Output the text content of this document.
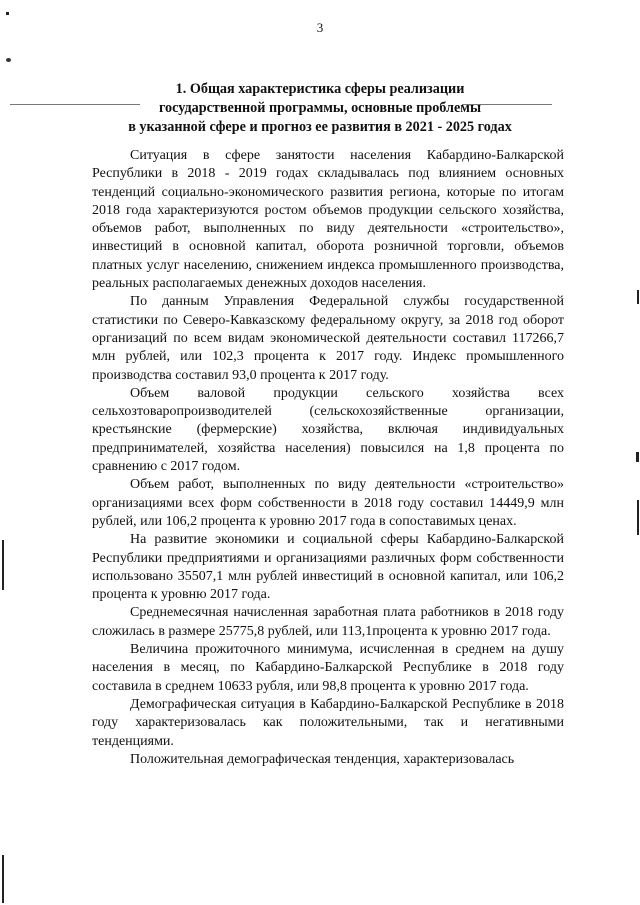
3
1. Общая характеристика сферы реализации
государственной программы, основные проблемы
в указанной сфере и прогноз ее развития в 2021 - 2025 годах

Ситуация в сфере занятости населения Кабардино-Балкарской Республики в 2018 - 2019 годах складывалась под влиянием основных тенденций социально-экономического развития региона, которые по итогам 2018 года характеризуются ростом объемов продукции сельского хозяйства, объемов работ, выполненных по виду деятельности «строительство», инвестиций в основной капитал, оборота розничной торговли, объемов платных услуг населению, снижением индекса промышленного производства, реальных располагаемых денежных доходов населения.

По данным Управления Федеральной службы государственной статистики по Северо-Кавказскому федеральному округу, за 2018 год оборот организаций по всем видам экономической деятельности составил 117266,7 млн рублей, или 102,3 процента к 2017 году. Индекс промышленного производства составил 93,0 процента к 2017 году.

Объем валовой продукции сельского хозяйства всех сельхозтоваропроизводителей (сельскохозяйственные организации, крестьянские (фермерские) хозяйства, включая индивидуальных предпринимателей, хозяйства населения) повысился на 1,8 процента по сравнению с 2017 годом.

Объем работ, выполненных по виду деятельности «строительство» организациями всех форм собственности в 2018 году составил 14449,9 млн рублей, или 106,2 процента к уровню 2017 года в сопоставимых ценах.

На развитие экономики и социальной сферы Кабардино-Балкарской Республики предприятиями и организациями различных форм собственности использовано 35507,1 млн рублей инвестиций в основной капитал, или 106,2 процента к уровню 2017 года.

Среднемесячная начисленная заработная плата работников в 2018 году сложилась в размере 25775,8 рублей, или 113,1процента к уровню 2017 года.

Величина прожиточного минимума, исчисленная в среднем на душу населения в месяц, по Кабардино-Балкарской Республике в 2018 году составила в среднем 10633 рубля, или 98,8 процента к уровню 2017 года.

Демографическая ситуация в Кабардино-Балкарской Республике в 2018 году характеризовалась как положительными, так и негативными тенденциями.

Положительная демографическая тенденция, характеризовалась
